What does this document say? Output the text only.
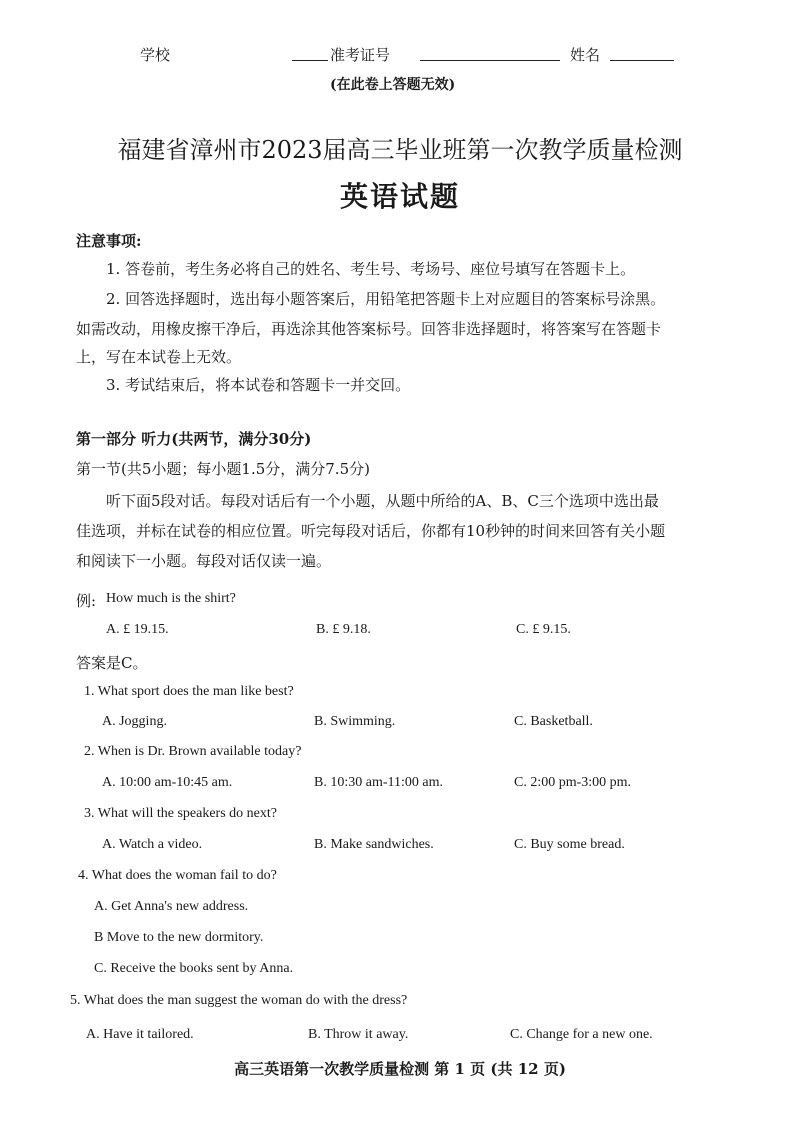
学校	准考证号	姓名
(在此卷上答题无效)
福建省漳州市2023届高三毕业班第一次教学质量检测
英语试题
注意事项:
1. 答卷前，考生务必将自己的姓名、考生号、考场号、座位号填写在答题卡上。
2. 回答选择题时，选出每小题答案后，用铅笔把答题卡上对应题目的答案标号涂黑。
如需改动，用橡皮擦干净后，再选涂其他答案标号。回答非选择题时，将答案写在答题卡
上，写在本试卷上无效。
3. 考试结束后，将本试卷和答题卡一并交回。
第一部分 听力(共两节，满分30分)
第一节(共5小题；每小题1.5分，满分7.5分)
听下面5段对话。每段对话后有一个小题，从题中所给的A、B、C三个选项中选出最
佳选项，并标在试卷的相应位置。听完每段对话后，你都有10秒钟的时间来回答有关小题
和阅读下一小题。每段对话仅读一遍。
例: How much is the shirt?
A. £ 19.15.	B. £ 9.18.	C. £ 9.15.
答案是C。
1. What sport does the man like best?
A. Jogging.	B. Swimming.	C. Basketball.
2. When is Dr. Brown available today?
A. 10:00 am-10:45 am.	B. 10:30 am-11:00 am.	C. 2:00 pm-3:00 pm.
3. What will the speakers do next?
A. Watch a video.	B. Make sandwiches.	C. Buy some bread.
4. What does the woman fail to do?
A. Get Anna's new address.
B Move to the new dormitory.
C. Receive the books sent by Anna.
5. What does the man suggest the woman do with the dress?
A. Have it tailored.	B. Throw it away.	C. Change for a new one.
高三英语第一次教学质量检测 第 1 页 (共 12 页)
